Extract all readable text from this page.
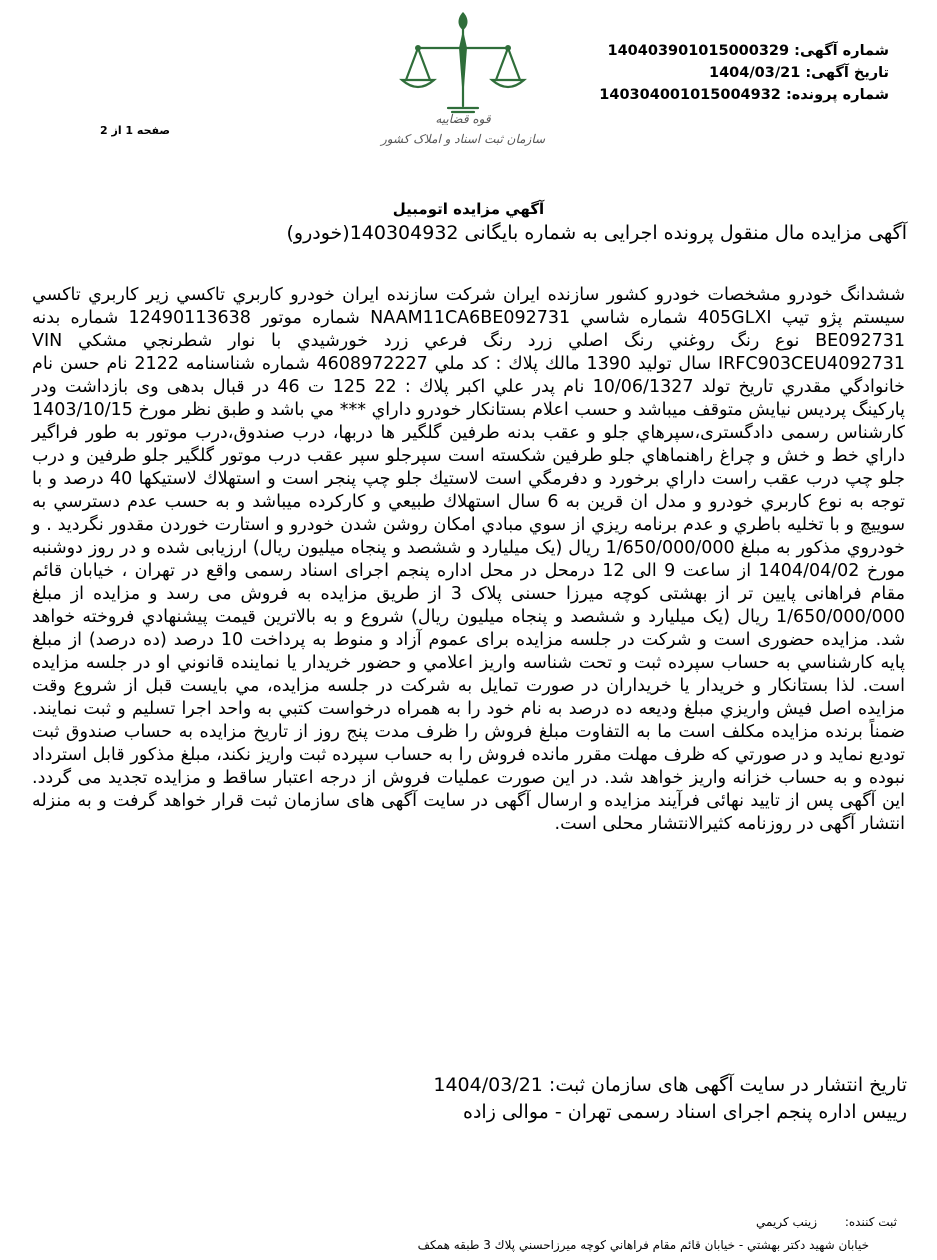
شماره آگهی: 140403901015000329
تاریخ آگهی: 1404/03/21
شماره پرونده: 140304001015004932
صفحه 1 از 2
قوه قضاییه
سازمان ثبت اسناد و املاک کشور
آگهي مزايده اتومبيل
آگهی مزایده مال منقول پرونده اجرایی به شماره بایگانی 140304932(خودرو)
ششدانگ خودرو مشخصات خودرو كشور سازنده ايران شركت سازنده ايران خودرو كاربري تاكسي زير كاربري تاكسي سيستم پژو تيپ 405GLXI شماره شاسي NAAM11CA6BE092731 شماره موتور 12490113638 شماره بدنه BE092731 نوع رنگ روغني رنگ اصلي زرد رنگ فرعي زرد خورشيدي با نوار شطرنجي مشكي VIN IRFC903CEU4092731 سال توليد 1390 مالك پلاك : كد ملي 4608972227 شماره شناسنامه 2122 نام حسن نام خانوادگي مقدري تاريخ تولد 10/06/1327 نام پدر علي اكبر پلاك : 22 125 ت 46 در قبال بدهی وی بازداشت ودر پارکینگ پردیس نیایش متوقف میباشد و حسب اعلام بستانكار خودرو داراي *** مي باشد و طبق نظر مورخ 1403/10/15 كارشناس رسمی دادگستری،سپرهاي جلو و عقب بدنه طرفين گلگير ها دربها، درب صندوق،درب موتور به طور فراگير داراي خط و خش و چراغ راهنماهاي جلو طرفين شكسته است سپرجلو سپر عقب درب موتور گلگير جلو طرفين و درب جلو چپ درب عقب راست داراي برخورد و دفرمگي است لاستيك جلو چپ پنجر است و استهلاك لاستيكها 40 درصد و با توجه به نوع كاربري خودرو و مدل ان قرين به 6 سال استهلاك طبيعي و كاركرده ميباشد و به حسب عدم دسترسي به سوييچ و با تخليه باطري و عدم برنامه ريزي از سوي مبادي امكان روشن شدن خودرو و استارت خوردن مقدور نگرديد . و خودروي مذكور به مبلغ 1/650/000/000 ريال (یک میلیارد و ششصد و پنجاه میلیون ریال) ارزیابی شده و در روز دوشنبه مورخ 1404/04/02 از ساعت 9 الی 12 درمحل در محل اداره پنجم اجرای اسناد رسمی واقع در تهران ، خیابان قائم مقام فراهانی پایین تر از بهشتی کوچه میرزا حسنی پلاک 3 از طریق مزایده به فروش می رسد و مزایده از مبلغ 1/650/000/000 ریال (یک میلیارد و ششصد و پنجاه میلیون ریال) شروع و به بالاترين قيمت پيشنهادي فروخته خواهد شد. مزایده حضوری است و شرکت در جلسه مزایده برای عموم آزاد و منوط به پرداخت 10 درصد (ده درصد) از مبلغ پایه كارشناسي به حساب سپرده ثبت و تحت شناسه واريز اعلامي و حضور خريدار يا نماینده قانوني او در جلسه مزايده است. لذا بستانكار و خريدار يا خريداران در صورت تمايل به شركت در جلسه مزايده، مي بايست قبل از شروع وقت مزايده اصل فيش واريزي مبلغ وديعه ده درصد به نام خود را به همراه درخواست كتبي به واحد اجرا تسليم و ثبت نمايند. ضمناً برنده مزايده مكلف است ما به التفاوت مبلغ فروش را ظرف مدت پنج روز از تاريخ مزايده به حساب صندوق ثبت توديع نمايد و در صورتي كه ظرف مهلت مقرر مانده فروش را به حساب سپرده ثبت واريز نكند، مبلغ مذكور قابل استرداد نبوده و به حساب خزانه واريز خواهد شد. در این صورت عملیات فروش از درجه اعتبار ساقط و مزایده تجدید می گردد. این آگهی پس از تایید نهائی فرآیند مزایده و ارسال آگهی در سایت آگهی های سازمان ثبت قرار خواهد گرفت و به منزله انتشار آگهی در روزنامه کثیرالانتشار محلی است.
تاریخ انتشار در سایت آگهی های سازمان ثبت: 1404/03/21
رییس اداره پنجم اجرای اسناد رسمی تهران - موالی زاده
ثبت کننده: زينب كريمي
خيابان شهيد دكتر بهشتي - خيابان قائم مقام فراهاني كوچه ميرزاحسني پلاك 3 طبقه همكف
